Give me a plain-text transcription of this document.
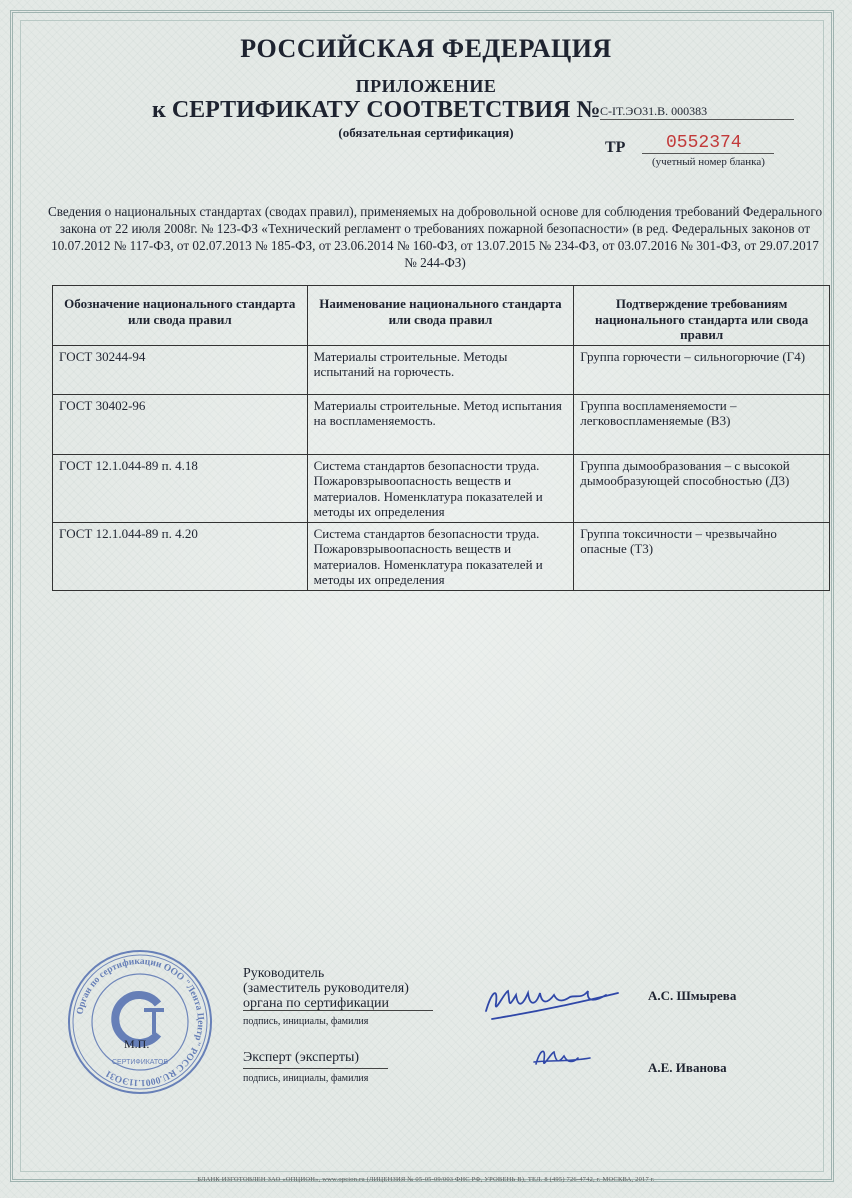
РОССИЙСКАЯ ФЕДЕРАЦИЯ
ПРИЛОЖЕНИЕ
к СЕРТИФИКАТУ СООТВЕТСТВИЯ № С-IT.ЭО31.В. 000383
(обязательная сертификация)
ТР	0552374
(учетный номер бланка)
Сведения о национальных стандартах (сводах правил), применяемых на добровольной основе для соблюдения требований Федерального закона от 22 июля 2008г. № 123-ФЗ «Технический регламент о требованиях пожарной безопасности» (в ред. Федеральных законов от 10.07.2012 № 117-ФЗ, от 02.07.2013 № 185-ФЗ, от 23.06.2014 № 160-ФЗ, от 13.07.2015 № 234-ФЗ, от 03.07.2016 № 301-ФЗ, от 29.07.2017 № 244-ФЗ)
Обозначение национального стандарта или свода правил	Наименование национального стандарта или свода правил	Подтверждение требованиям национального стандарта или свода правил
ГОСТ 30244-94	Материалы строительные. Методы испытаний на горючесть.	Группа горючести – сильногорючие (Г4)
ГОСТ 30402-96	Материалы строительные. Метод испытания на воспламеняемость.	Группа воспламеняемости – легковоспламеняемые (В3)
ГОСТ 12.1.044-89 п. 4.18	Система стандартов безопасности труда. Пожаровзрывоопасность веществ и материалов. Номенклатура показателей и методы их определения	Группа дымообразования – с высокой дымообразующей способностью (Д3)
ГОСТ 12.1.044-89 п. 4.20	Система стандартов безопасности труда. Пожаровзрывоопасность веществ и материалов. Номенклатура показателей и методы их определения	Группа токсичности – чрезвычайно опасные (Т3)
Орган по сертификации ООО "Лента Центр" РОСС RU.0001.11ЭО31
СЕРТИФИКАТОВ
М.П.
Руководитель
(заместитель руководителя)
органа по сертификации
подпись, инициалы, фамилия
А.С. Шмырева
Эксперт (эксперты)
подпись, инициалы, фамилия
А.Е. Иванова
БЛАНК ИЗГОТОВЛЕН ЗАО «ОПЦИОН», www.opcion.ru (ЛИЦЕНЗИЯ № 05-05-09/003 ФНС РФ, УРОВЕНЬ В), ТЕЛ. 8 (495) 726-4742, г. МОСКВА, 2017 г.
